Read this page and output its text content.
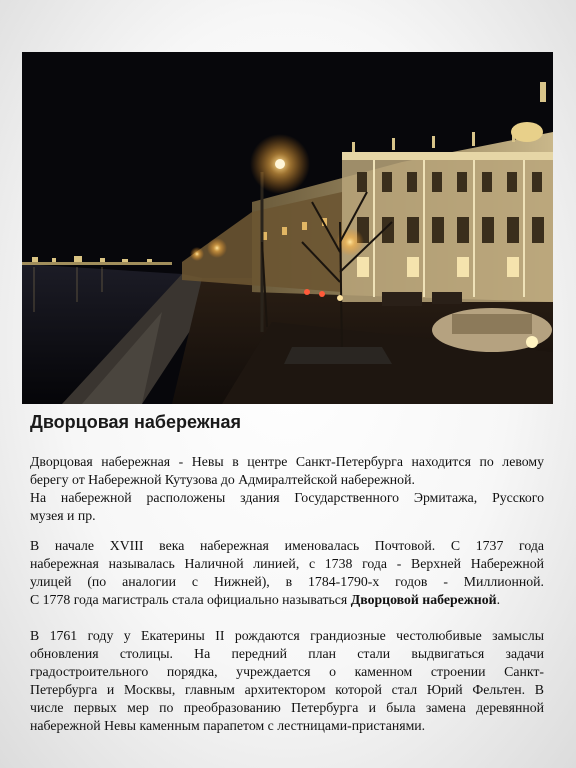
Дворцовая набережная
Дворцовая набережная - Невы в центре Санкт-Петербурга находится по левому
берегу от Набережной Кутузова до Адмиралтейской набережной.
На набережной расположены здания Государственного Эрмитажа, Русского
музея и пр.
В начале XVIII века набережная именовалась Почтовой. С 1737 года
набережная называлась Наличной линией, с 1738 года - Верхней Набережной
улицей (по аналогии с Нижней), в 1784-1790-х годов - Миллионной.
С 1778 года магистраль стала официально называться Дворцовой набережной.
В 1761 году у Екатерины II рождаются грандиозные честолюбивые замыслы
обновления столицы. На передний план стали выдвигаться задачи
градостроительного порядка, учреждается о каменном строении Санкт-
Петербурга и Москвы, главным архитектором которой стал Юрий Фельтен. В
числе первых мер по преобразованию Петербурга и была замена деревянной
набережной Невы каменным парапетом с лестницами-пристанями.
